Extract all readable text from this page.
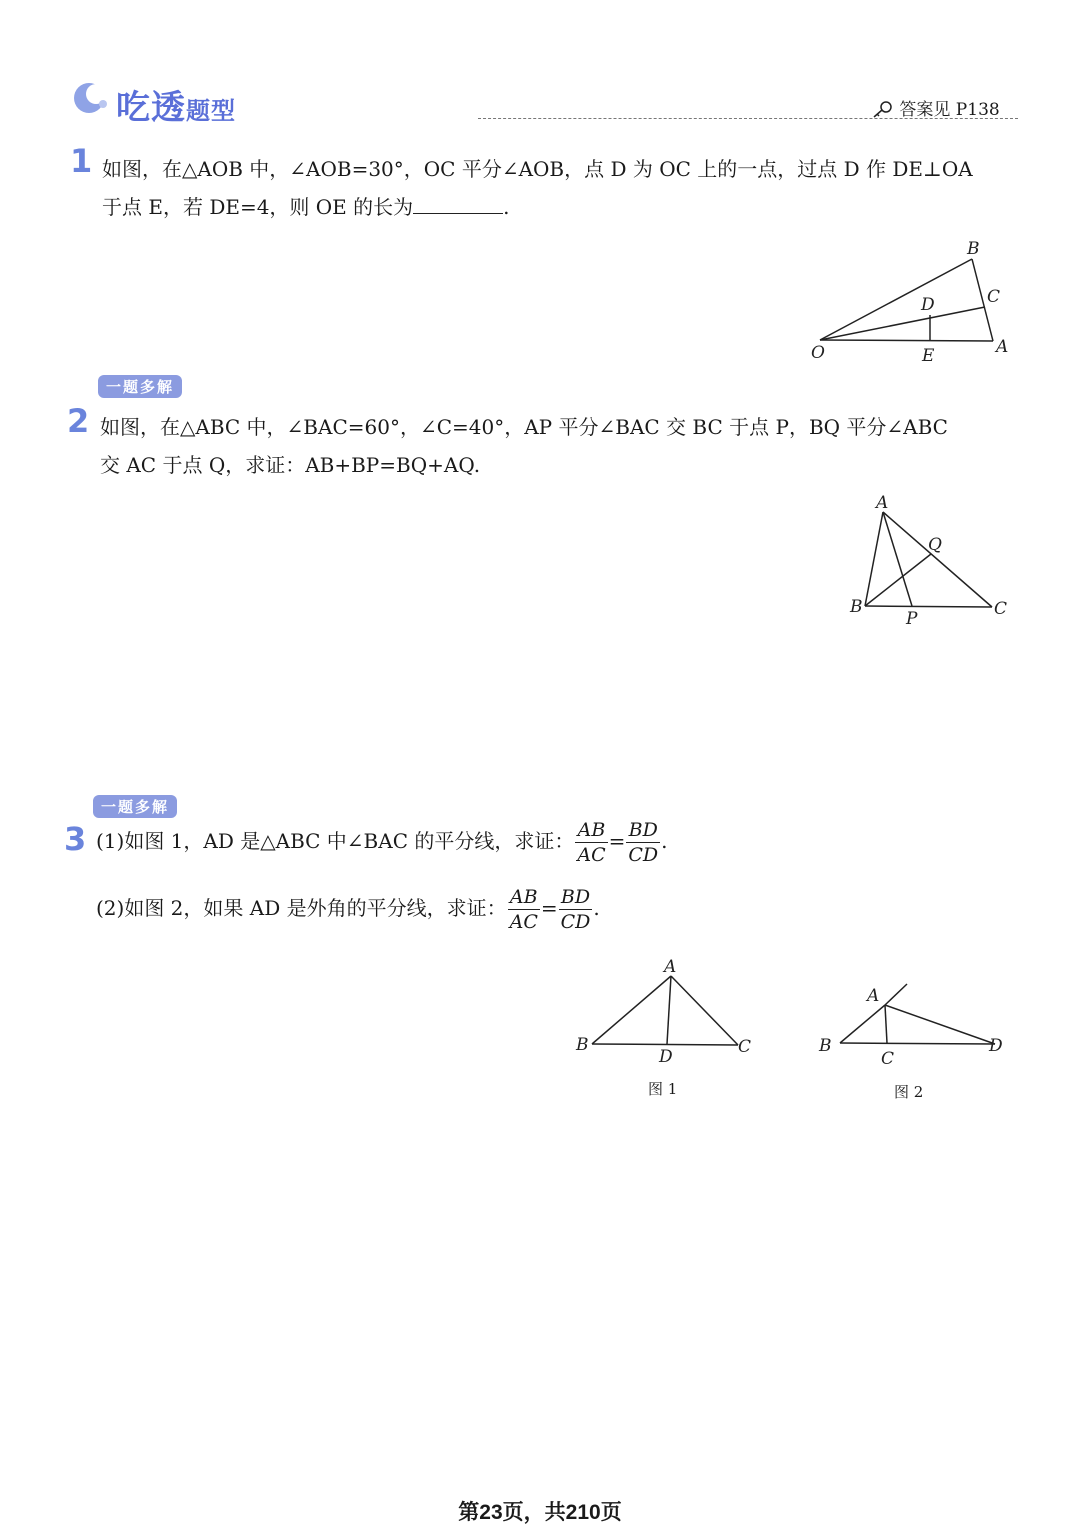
吃透题型	答案见 P138
1 如图，在△AOB 中，∠AOB=30°，OC 平分∠AOB，点 D 为 OC 上的一点，过点 D 作 DE⊥OA
于点 E，若 DE=4，则 OE 的长为	.
B
C
D
O	E	A
一题多解
2 如图，在△ABC 中，∠BAC=60°，∠C=40°，AP 平分∠BAC 交 BC 于点 P，BQ 平分∠ABC
交 AC 于点 Q，求证：AB+BP=BQ+AQ.
A
Q
B
P	C
一题多解
3 (1)如图 1，AD 是△ABC 中∠BAC 的平分线，求证： $\frac{AB}{AC} = \frac{BD}{CD}$ .
(2)如图 2，如果 AD 是外角的平分线，求证： $\frac{AB}{AC} = \frac{BD}{CD}$ .
A
B	C
D
图 1
A
B
C
D
图 2
第23页，共210页
